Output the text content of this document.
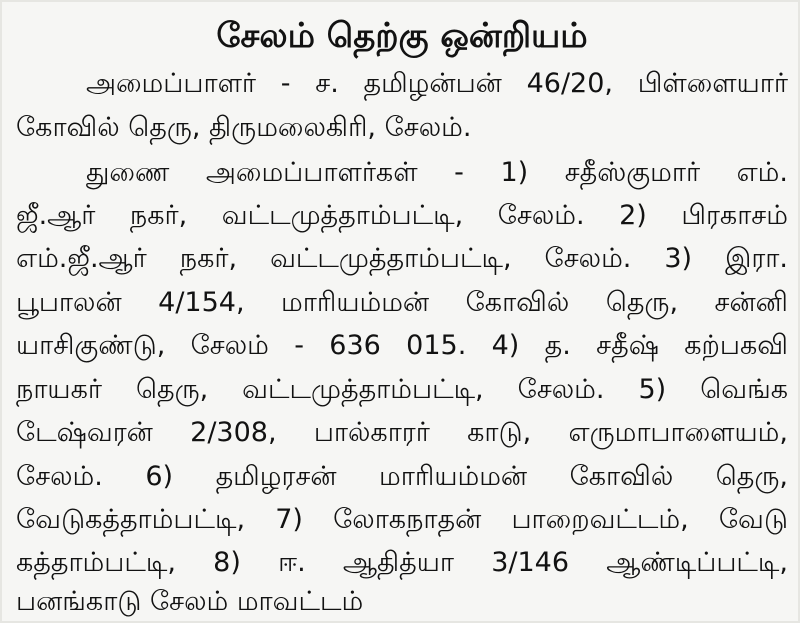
சேலம் தெற்கு ஒன்றியம்
அமைப்பாளர் - ச. தமிழன்பன் 46/20, பிள்ளையார்
கோவில் தெரு, திருமலைகிரி, சேலம்.
துணை அமைப்பாளர்கள் - 1) சதீஸ்குமார் எம்.
ஜீ.ஆர் நகர், வட்டமுத்தாம்பட்டி, சேலம். 2) பிரகாசம்
எம்.ஜீ.ஆர் நகர், வட்டமுத்தாம்பட்டி, சேலம். 3) இரா.
பூபாலன் 4/154, மாரியம்மன் கோவில் தெரு, சன்னி
யாசிகுண்டு, சேலம் - 636 015. 4) த. சதீஷ் கற்பகவி
நாயகர் தெரு, வட்டமுத்தாம்பட்டி, சேலம். 5) வெங்க
டேஷ்வரன் 2/308, பால்காரர் காடு, எருமாபாளையம்,
சேலம். 6) தமிழரசன் மாரியம்மன் கோவில் தெரு,
வேடுகத்தாம்பட்டி, 7) லோகநாதன் பாறைவட்டம், வேடு
கத்தாம்பட்டி, 8) ஈ. ஆதித்யா 3/146 ஆண்டிப்பட்டி,
பனங்காடு சேலம் மாவட்டம்
